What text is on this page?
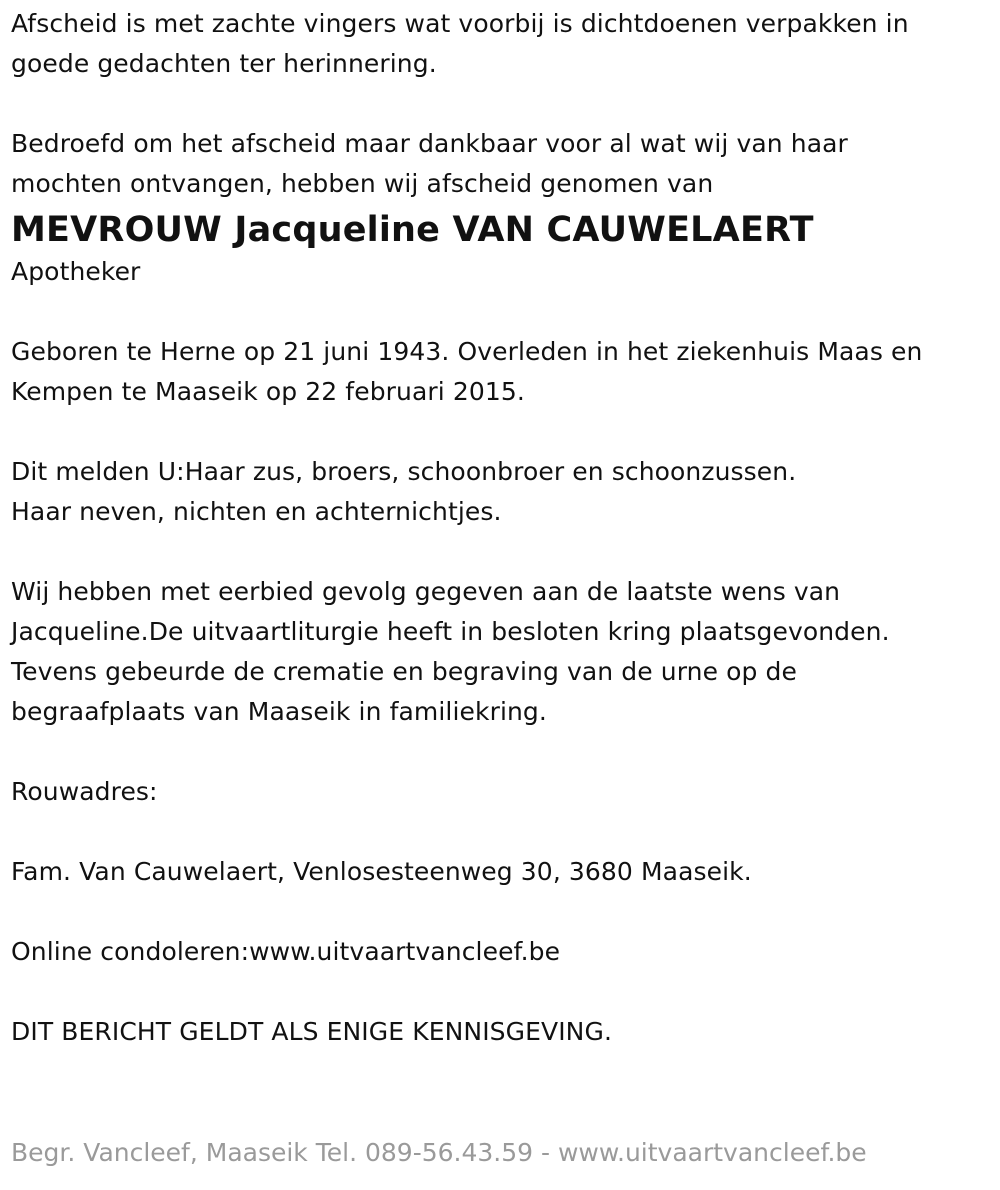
Afscheid is met zachte vingers wat voorbij is dichtdoenen verpakken in

goede gedachten ter herinnering.

Bedroefd om het afscheid maar dankbaar voor al wat wij van haar

mochten ontvangen, hebben wij afscheid genomen van

MEVROUW Jacqueline VAN CAUWELAERT

Apotheker

Geboren te Herne op 21 juni 1943. Overleden in het ziekenhuis Maas en

Kempen te Maaseik op 22 februari 2015.

Dit melden U:Haar zus, broers, schoonbroer en schoonzussen.

Haar neven, nichten en achternichtjes.

Wij hebben met eerbied gevolg gegeven aan de laatste wens van

Jacqueline.De uitvaartliturgie heeft in besloten kring plaatsgevonden.

Tevens gebeurde de crematie en begraving van de urne op de

begraafplaats van Maaseik in familiekring.

Rouwadres:

Fam. Van Cauwelaert, Venlosesteenweg 30, 3680 Maaseik.

Online condoleren:www.uitvaartvancleef.be

DIT BERICHT GELDT ALS ENIGE KENNISGEVING.

Begr. Vancleef, Maaseik Tel. 089-56.43.59 - www.uitvaartvancleef.be
